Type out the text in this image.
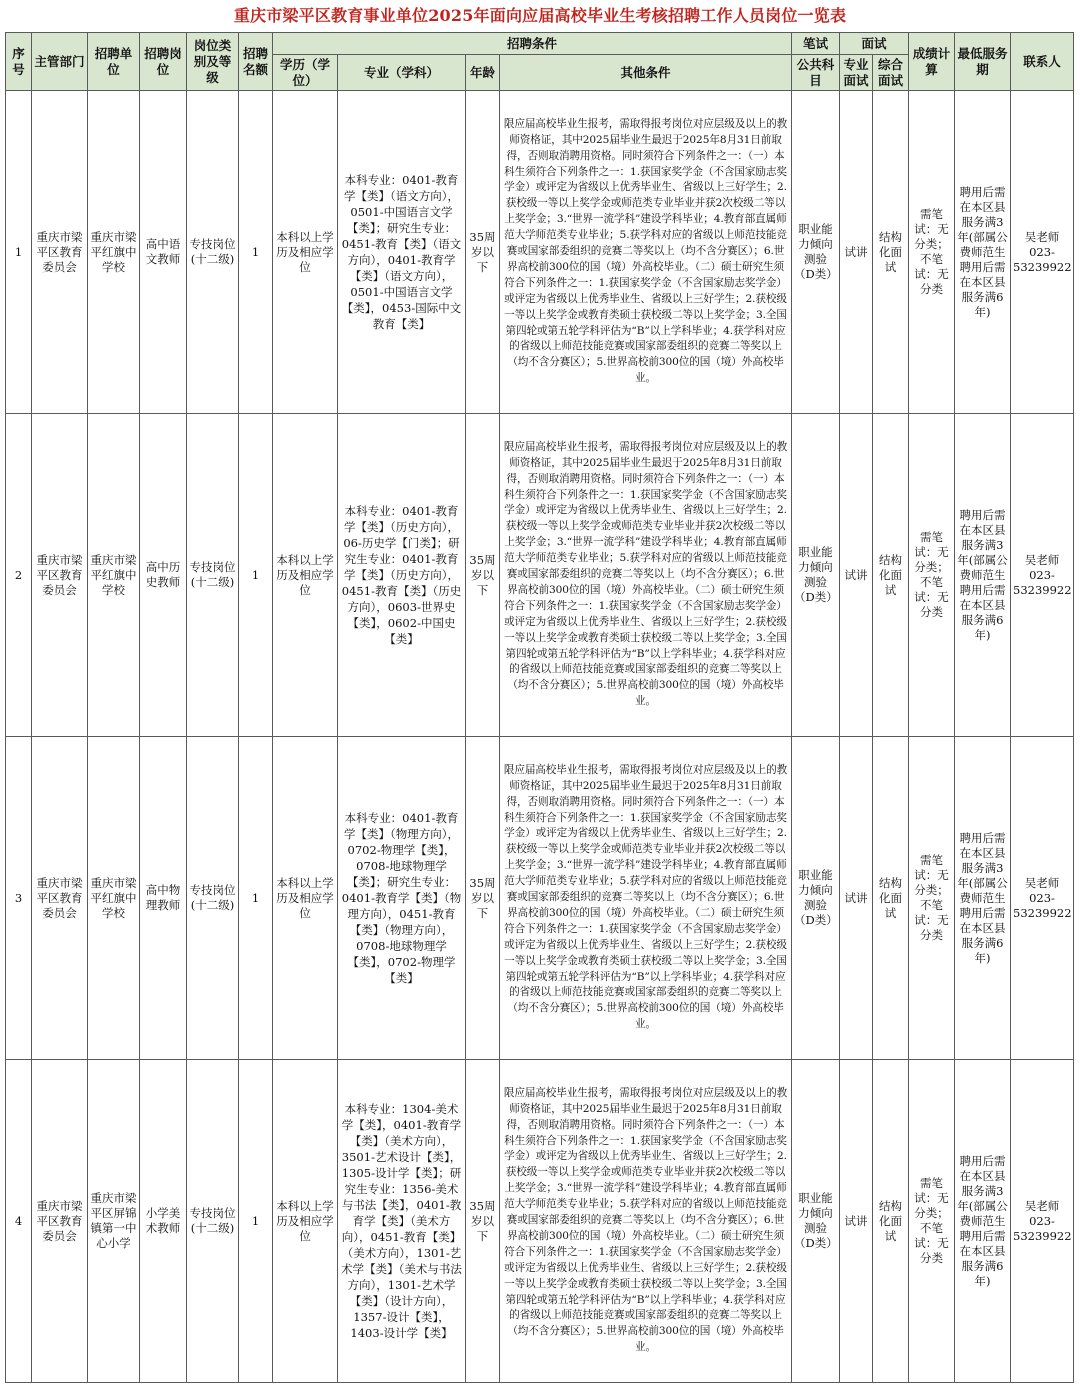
重庆市梁平区教育事业单位2025年面向应届高校毕业生考核招聘工作人员岗位一览表
序号	主管部门	招聘单位	招聘岗位	岗位类别及等级	招聘名额	招聘条件				笔试	面试		成绩计算	最低服务期	联系人
						学历（学位）	专业（学科）	年龄	其他条件	公共科目	专业面试	综合面试			
1	重庆市梁平区教育委员会	重庆市梁平红旗中学校	高中语文教师	专技岗位(十二级)	1	本科以上学历及相应学位	本科专业：0401-教育学【类】（语文方向），0501-中国语言文学【类】；研究生专业：0451-教育【类】（语文方向），0401-教育学【类】（语文方向），0501-中国语言文学【类】，0453-国际中文教育【类】	35周岁以下	限应届高校毕业生报考，需取得报考岗位对应层级及以上的教师资格证，其中2025届毕业生最迟于2025年8月31日前取得，否则取消聘用资格。同时须符合下列条件之一：（一）本科生须符合下列条件之一：1.获国家奖学金（不含国家励志奖学金）或评定为省级以上优秀毕业生、省级以上三好学生；2.获校级一等以上奖学金或师范类专业毕业并获2次校级二等以上奖学金；3.“世界一流学科”建设学科毕业；4.教育部直属师范大学师范类专业毕业；5.获学科对应的省级以上师范技能竞赛或国家部委组织的竞赛二等奖以上（均不含分赛区）；6.世界高校前300位的国（境）外高校毕业。（二）硕士研究生须符合下列条件之一：1.获国家奖学金（不含国家励志奖学金）或评定为省级以上优秀毕业生、省级以上三好学生；2.获校级一等以上奖学金或教育类硕士获校级二等以上奖学金；3.全国第四轮或第五轮学科评估为“B”以上学科毕业；4.获学科对应的省级以上师范技能竞赛或国家部委组织的竞赛二等奖以上（均不含分赛区）；5.世界高校前300位的国（境）外高校毕业。	职业能力倾向测验（D类）	试讲	结构化面试	需笔试：无分类；不笔试：无分类	聘用后需在本区县服务满3年(部属公费师范生聘用后需在本区县服务满6年)	吴老师023-53239922
2	重庆市梁平区教育委员会	重庆市梁平红旗中学校	高中历史教师	专技岗位(十二级)	1	本科以上学历及相应学位	本科专业：0401-教育学【类】（历史方向），06-历史学【门类】；研究生专业：0401-教育学【类】（历史方向），0451-教育【类】（历史方向），0603-世界史【类】，0602-中国史【类】	35周岁以下	限应届高校毕业生报考，需取得报考岗位对应层级及以上的教师资格证，其中2025届毕业生最迟于2025年8月31日前取得，否则取消聘用资格。同时须符合下列条件之一：（一）本科生须符合下列条件之一：1.获国家奖学金（不含国家励志奖学金）或评定为省级以上优秀毕业生、省级以上三好学生；2.获校级一等以上奖学金或师范类专业毕业并获2次校级二等以上奖学金；3.“世界一流学科”建设学科毕业；4.教育部直属师范大学师范类专业毕业；5.获学科对应的省级以上师范技能竞赛或国家部委组织的竞赛二等奖以上（均不含分赛区）；6.世界高校前300位的国（境）外高校毕业。（二）硕士研究生须符合下列条件之一：1.获国家奖学金（不含国家励志奖学金）或评定为省级以上优秀毕业生、省级以上三好学生；2.获校级一等以上奖学金或教育类硕士获校级二等以上奖学金；3.全国第四轮或第五轮学科评估为“B”以上学科毕业；4.获学科对应的省级以上师范技能竞赛或国家部委组织的竞赛二等奖以上（均不含分赛区）；5.世界高校前300位的国（境）外高校毕业。	职业能力倾向测验（D类）	试讲	结构化面试	需笔试：无分类；不笔试：无分类	聘用后需在本区县服务满3年(部属公费师范生聘用后需在本区县服务满6年)	吴老师023-53239922
3	重庆市梁平区教育委员会	重庆市梁平红旗中学校	高中物理教师	专技岗位(十二级)	1	本科以上学历及相应学位	本科专业：0401-教育学【类】（物理方向），0702-物理学【类】，0708-地球物理学【类】；研究生专业：0401-教育学【类】（物理方向），0451-教育【类】（物理方向），0708-地球物理学【类】，0702-物理学【类】	35周岁以下	限应届高校毕业生报考，需取得报考岗位对应层级及以上的教师资格证，其中2025届毕业生最迟于2025年8月31日前取得，否则取消聘用资格。同时须符合下列条件之一：（一）本科生须符合下列条件之一：1.获国家奖学金（不含国家励志奖学金）或评定为省级以上优秀毕业生、省级以上三好学生；2.获校级一等以上奖学金或师范类专业毕业并获2次校级二等以上奖学金；3.“世界一流学科”建设学科毕业；4.教育部直属师范大学师范类专业毕业；5.获学科对应的省级以上师范技能竞赛或国家部委组织的竞赛二等奖以上（均不含分赛区）；6.世界高校前300位的国（境）外高校毕业。（二）硕士研究生须符合下列条件之一：1.获国家奖学金（不含国家励志奖学金）或评定为省级以上优秀毕业生、省级以上三好学生；2.获校级一等以上奖学金或教育类硕士获校级二等以上奖学金；3.全国第四轮或第五轮学科评估为“B”以上学科毕业；4.获学科对应的省级以上师范技能竞赛或国家部委组织的竞赛二等奖以上（均不含分赛区）；5.世界高校前300位的国（境）外高校毕业。	职业能力倾向测验（D类）	试讲	结构化面试	需笔试：无分类；不笔试：无分类	聘用后需在本区县服务满3年(部属公费师范生聘用后需在本区县服务满6年)	吴老师023-53239922
4	重庆市梁平区教育委员会	重庆市梁平区屏锦镇第一中心小学	小学美术教师	专技岗位(十二级)	1	本科以上学历及相应学位	本科专业：1304-美术学【类】，0401-教育学【类】（美术方向），3501-艺术设计【类】，1305-设计学【类】；研究生专业：1356-美术与书法【类】，0401-教育学【类】（美术方向），0451-教育【类】（美术方向），1301-艺术学【类】（美术与书法方向），1301-艺术学【类】（设计方向），1357-设计【类】，1403-设计学【类】	35周岁以下	限应届高校毕业生报考，需取得报考岗位对应层级及以上的教师资格证，其中2025届毕业生最迟于2025年8月31日前取得，否则取消聘用资格。同时须符合下列条件之一：（一）本科生须符合下列条件之一：1.获国家奖学金（不含国家励志奖学金）或评定为省级以上优秀毕业生、省级以上三好学生；2.获校级一等以上奖学金或师范类专业毕业并获2次校级二等以上奖学金；3.“世界一流学科”建设学科毕业；4.教育部直属师范大学师范类专业毕业；5.获学科对应的省级以上师范技能竞赛或国家部委组织的竞赛二等奖以上（均不含分赛区）；6.世界高校前300位的国（境）外高校毕业。（二）硕士研究生须符合下列条件之一：1.获国家奖学金（不含国家励志奖学金）或评定为省级以上优秀毕业生、省级以上三好学生；2.获校级一等以上奖学金或教育类硕士获校级二等以上奖学金；3.全国第四轮或第五轮学科评估为“B”以上学科毕业；4.获学科对应的省级以上师范技能竞赛或国家部委组织的竞赛二等奖以上（均不含分赛区）；5.世界高校前300位的国（境）外高校毕业。	职业能力倾向测验（D类）	试讲	结构化面试	需笔试：无分类；不笔试：无分类	聘用后需在本区县服务满3年(部属公费师范生聘用后需在本区县服务满6年)	吴老师023-53239922
